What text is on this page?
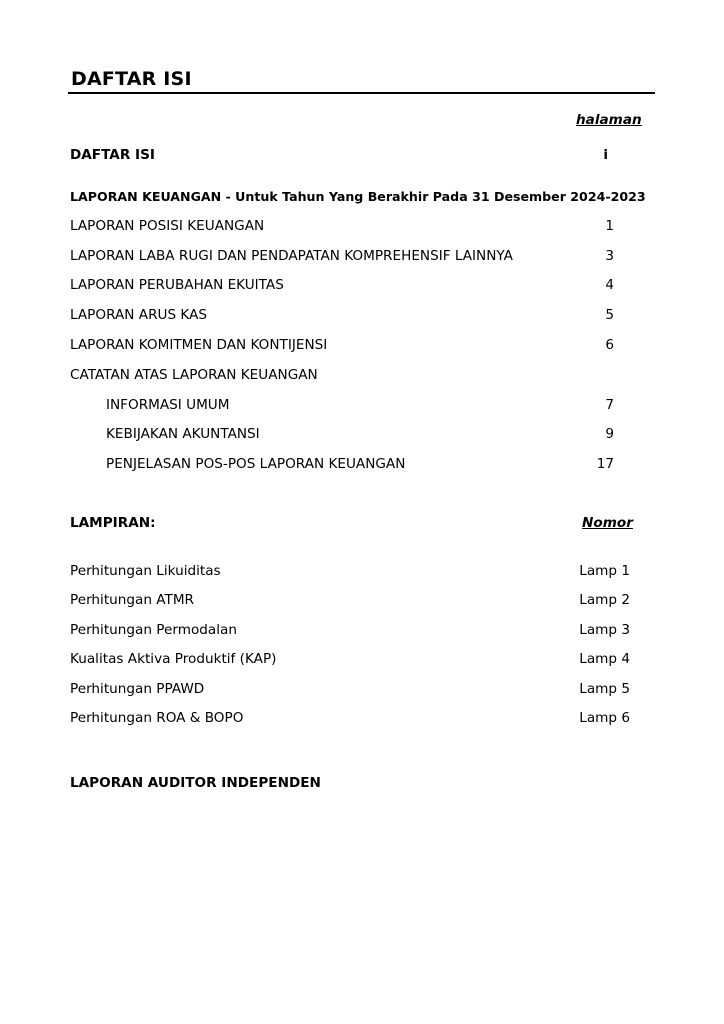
DAFTAR ISI
halaman
DAFTAR ISI	i
LAPORAN KEUANGAN - Untuk Tahun Yang Berakhir Pada 31 Desember 2024-2023
LAPORAN POSISI KEUANGAN	1
LAPORAN LABA RUGI DAN PENDAPATAN KOMPREHENSIF LAINNYA	3
LAPORAN PERUBAHAN EKUITAS	4
LAPORAN ARUS KAS	5
LAPORAN KOMITMEN DAN KONTIJENSI	6
CATATAN ATAS LAPORAN KEUANGAN
INFORMASI UMUM	7
KEBIJAKAN AKUNTANSI	9
PENJELASAN POS-POS LAPORAN KEUANGAN	17
LAMPIRAN:	Nomor
Perhitungan Likuiditas	Lamp 1
Perhitungan ATMR	Lamp 2
Perhitungan Permodalan	Lamp 3
Kualitas Aktiva Produktif (KAP)	Lamp 4
Perhitungan PPAWD	Lamp 5
Perhitungan ROA & BOPO	Lamp 6
LAPORAN AUDITOR INDEPENDEN
